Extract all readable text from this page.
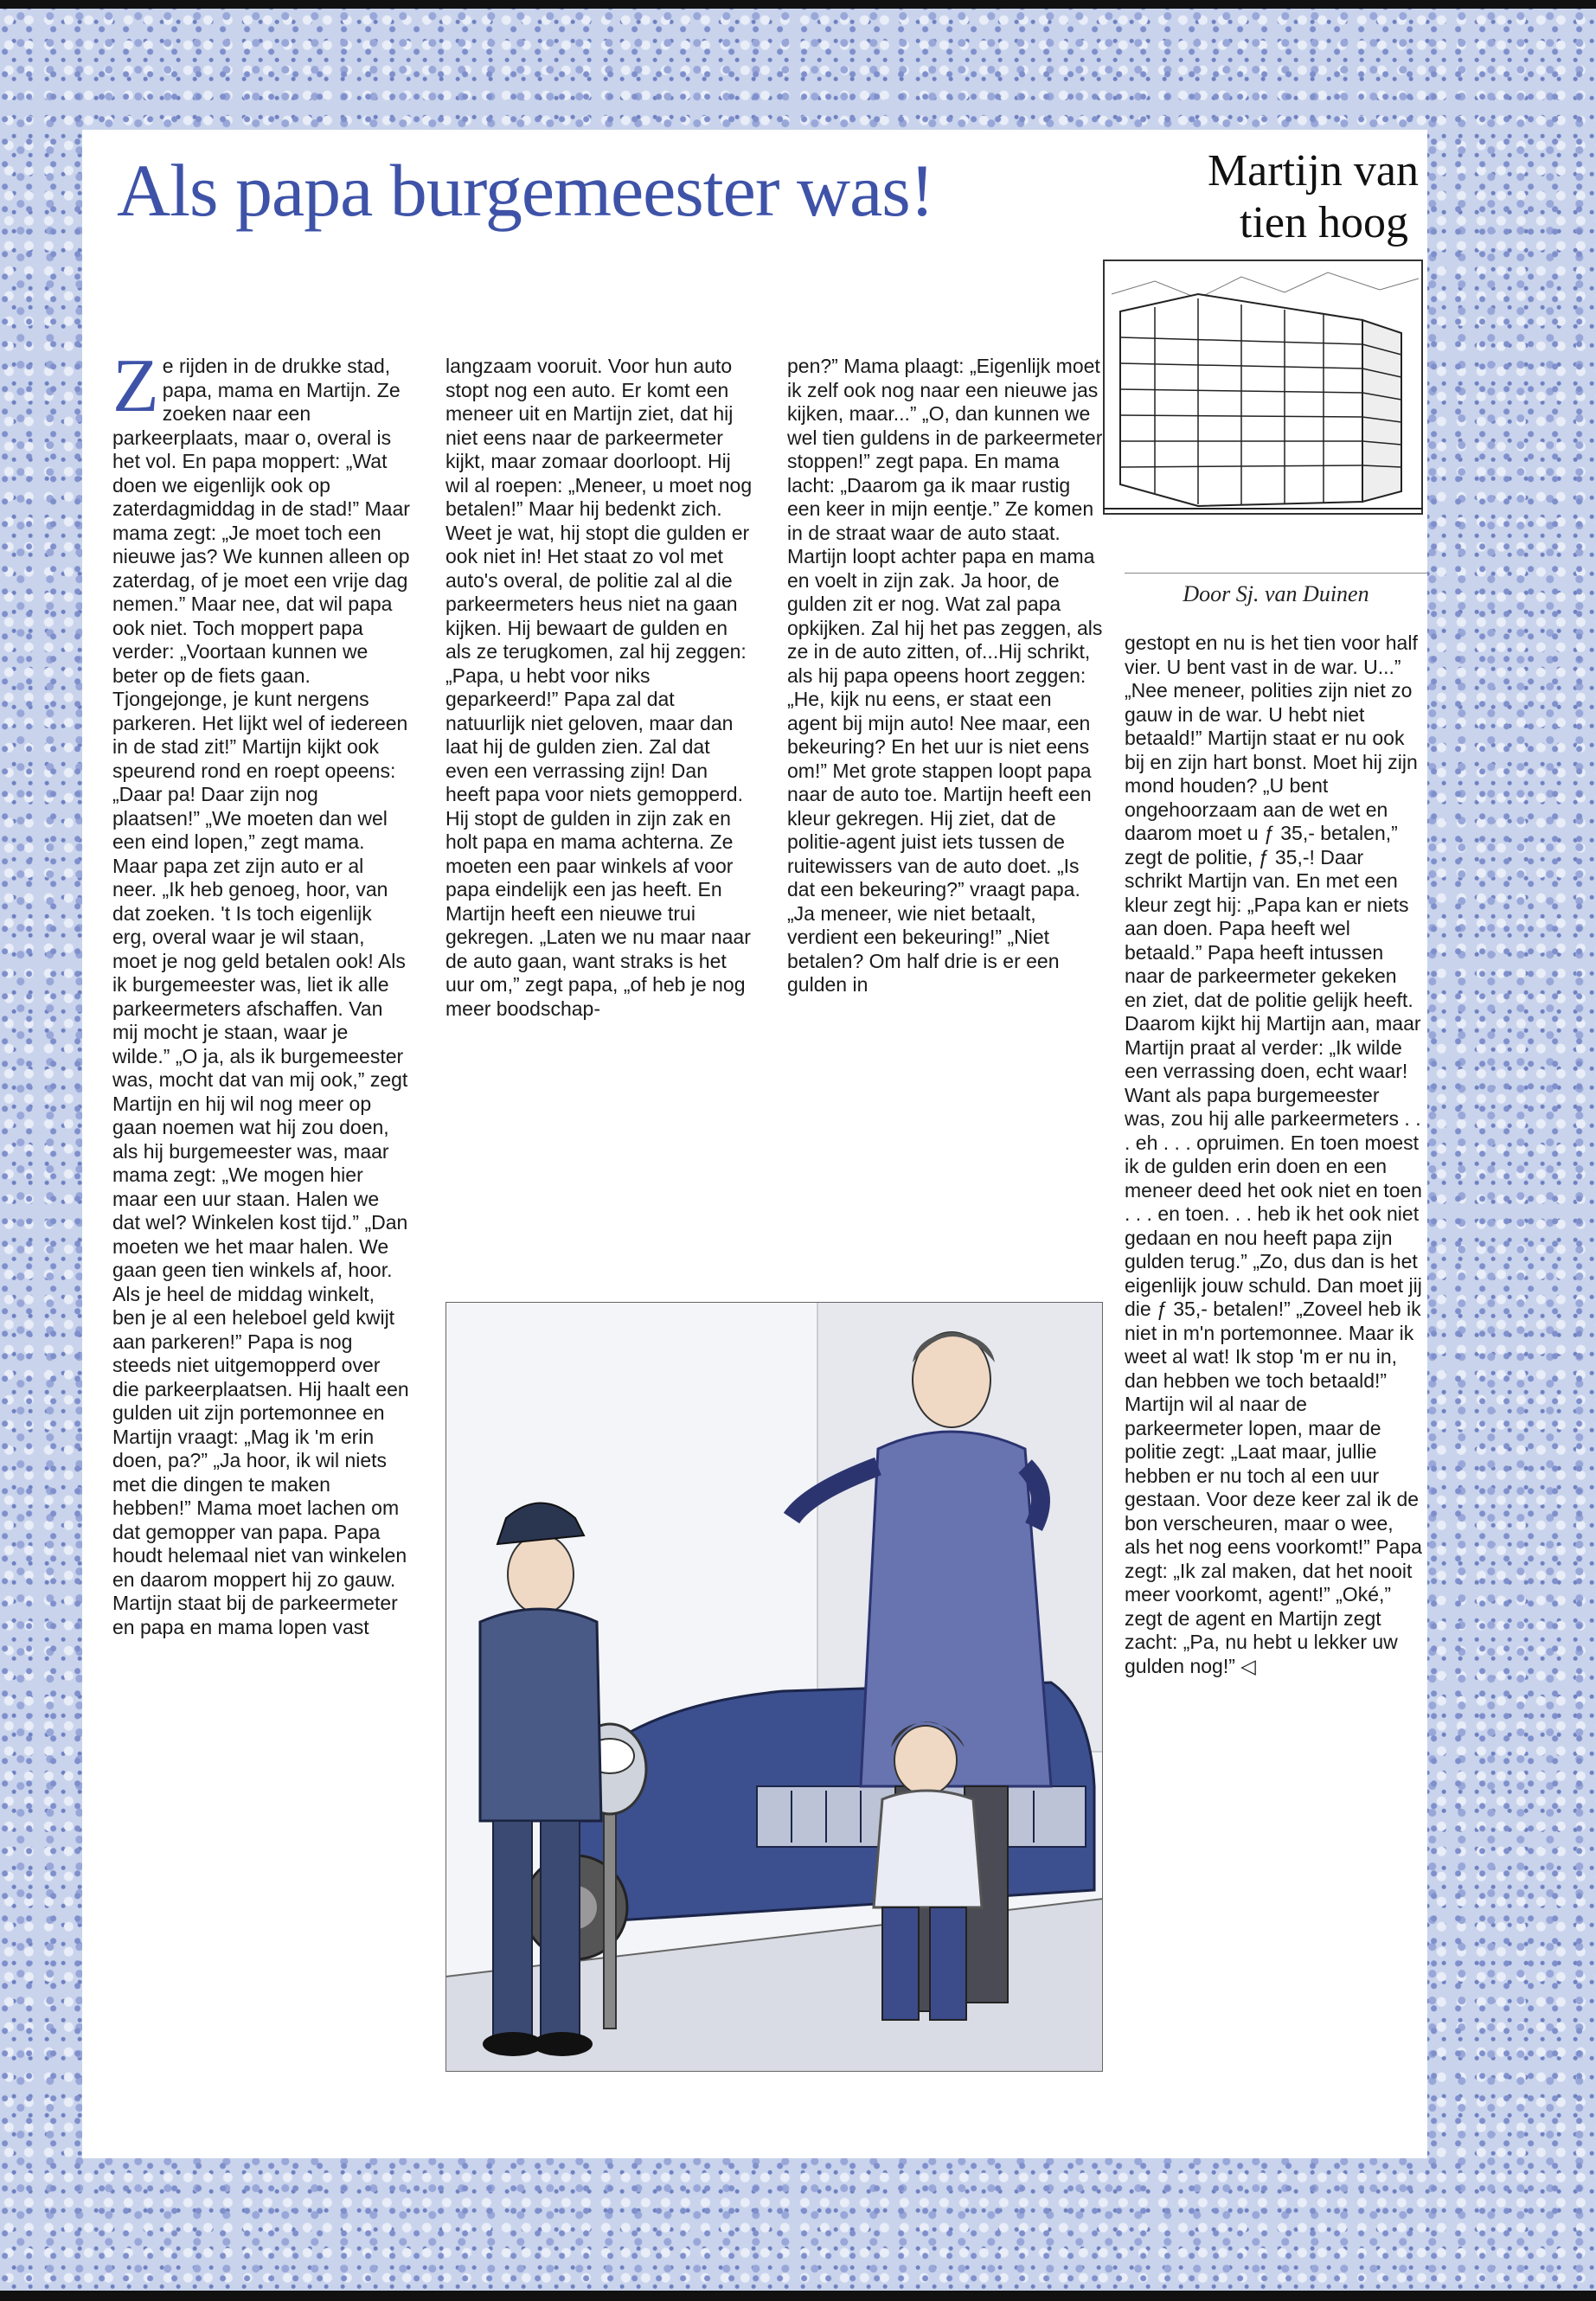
Als papa burgemeester was!	Martijn van

tien hoog
Door Sj. van Duinen

Ze rijden in de drukke stad, papa, mama en Martijn. Ze zoeken naar een parkeerplaats, maar o, overal is het vol. En papa moppert: „Wat doen we eigenlijk ook op zaterdagmiddag in de stad!” Maar mama zegt: „Je moet toch een nieuwe jas? We kunnen alleen op zaterdag, of je moet een vrije dag nemen.” Maar nee, dat wil papa ook niet. Toch moppert papa verder: „Voortaan kunnen we beter op de fiets gaan. Tjongejonge, je kunt nergens parkeren. Het lijkt wel of iedereen in de stad zit!” Martijn kijkt ook speurend rond en roept opeens: „Daar pa! Daar zijn nog plaatsen!” „We moeten dan wel een eind lopen,” zegt mama. Maar papa zet zijn auto er al neer. „Ik heb genoeg, hoor, van dat zoeken. 't Is toch eigenlijk erg, overal waar je wil staan, moet je nog geld betalen ook! Als ik burgemeester was, liet ik alle parkeermeters afschaffen. Van mij mocht je staan, waar je wilde.” „O ja, als ik burgemeester was, mocht dat van mij ook,” zegt Martijn en hij wil nog meer op gaan noemen wat hij zou doen, als hij burgemeester was, maar mama zegt: „We mogen hier maar een uur staan. Halen we dat wel? Winkelen kost tijd.” „Dan moeten we het maar halen. We gaan geen tien winkels af, hoor. Als je heel de middag winkelt, ben je al een heleboel geld kwijt aan parkeren!” Papa is nog steeds niet uitgemopperd over die parkeerplaatsen. Hij haalt een gulden uit zijn portemonnee en Martijn vraagt: „Mag ik 'm erin doen, pa?” „Ja hoor, ik wil niets met die dingen te maken hebben!” Mama moet lachen om dat gemopper van papa. Papa houdt helemaal niet van winkelen en daarom moppert hij zo gauw. Martijn staat bij de parkeermeter en papa en mama lopen vast

langzaam vooruit. Voor hun auto stopt nog een auto. Er komt een meneer uit en Martijn ziet, dat hij niet eens naar de parkeermeter kijkt, maar zomaar doorloopt. Hij wil al roepen: „Meneer, u moet nog betalen!” Maar hij bedenkt zich. Weet je wat, hij stopt die gulden er ook niet in! Het staat zo vol met auto's overal, de politie zal al die parkeermeters heus niet na gaan kijken. Hij bewaart de gulden en als ze terugkomen, zal hij zeggen: „Papa, u hebt voor niks geparkeerd!” Papa zal dat natuurlijk niet geloven, maar dan laat hij de gulden zien. Zal dat even een verrassing zijn! Dan heeft papa voor niets gemopperd. Hij stopt de gulden in zijn zak en holt papa en mama achterna. Ze moeten een paar winkels af voor papa eindelijk een jas heeft. En Martijn heeft een nieuwe trui gekregen. „Laten we nu maar naar de auto gaan, want straks is het uur om,” zegt papa, „of heb je nog meer boodschap-

pen?” Mama plaagt: „Eigenlijk moet ik zelf ook nog naar een nieuwe jas kijken, maar...” „O, dan kunnen we wel tien guldens in de parkeermeter stoppen!” zegt papa. En mama lacht: „Daarom ga ik maar rustig een keer in mijn eentje.” Ze komen in de straat waar de auto staat. Martijn loopt achter papa en mama en voelt in zijn zak. Ja hoor, de gulden zit er nog. Wat zal papa opkijken. Zal hij het pas zeggen, als ze in de auto zitten, of...Hij schrikt, als hij papa opeens hoort zeggen: „He, kijk nu eens, er staat een agent bij mijn auto! Nee maar, een bekeuring? En het uur is niet eens om!” Met grote stappen loopt papa naar de auto toe. Martijn heeft een kleur gekregen. Hij ziet, dat de politie-agent juist iets tussen de ruitewissers van de auto doet. „Is dat een bekeuring?” vraagt papa. „Ja meneer, wie niet betaalt, verdient een bekeuring!” „Niet betalen? Om half drie is er een gulden in

gestopt en nu is het tien voor half vier. U bent vast in de war. U...” „Nee meneer, polities zijn niet zo gauw in de war. U hebt niet betaald!” Martijn staat er nu ook bij en zijn hart bonst. Moet hij zijn mond houden? „U bent ongehoorzaam aan de wet en daarom moet u ƒ 35,- betalen,” zegt de politie, ƒ 35,-! Daar schrikt Martijn van. En met een kleur zegt hij: „Papa kan er niets aan doen. Papa heeft wel betaald.” Papa heeft intussen naar de parkeermeter gekeken en ziet, dat de politie gelijk heeft. Daarom kijkt hij Martijn aan, maar Martijn praat al verder: „Ik wilde een verrassing doen, echt waar! Want als papa burgemeester was, zou hij alle parkeermeters . . . eh . . . opruimen. En toen moest ik de gulden erin doen en een meneer deed het ook niet en toen . . . en toen. . . heb ik het ook niet gedaan en nou heeft papa zijn gulden terug.” „Zo, dus dan is het eigenlijk jouw schuld. Dan moet jij die ƒ 35,- betalen!” „Zoveel heb ik niet in m'n portemonnee. Maar ik weet al wat! Ik stop 'm er nu in, dan hebben we toch betaald!” Martijn wil al naar de parkeermeter lopen, maar de politie zegt: „Laat maar, jullie hebben er nu toch al een uur gestaan. Voor deze keer zal ik de bon verscheuren, maar o wee, als het nog eens voorkomt!” Papa zegt: „Ik zal maken, dat het nooit meer voorkomt, agent!” „Oké,” zegt de agent en Martijn zegt zacht: „Pa, nu hebt u lekker uw gulden nog!” ◁
